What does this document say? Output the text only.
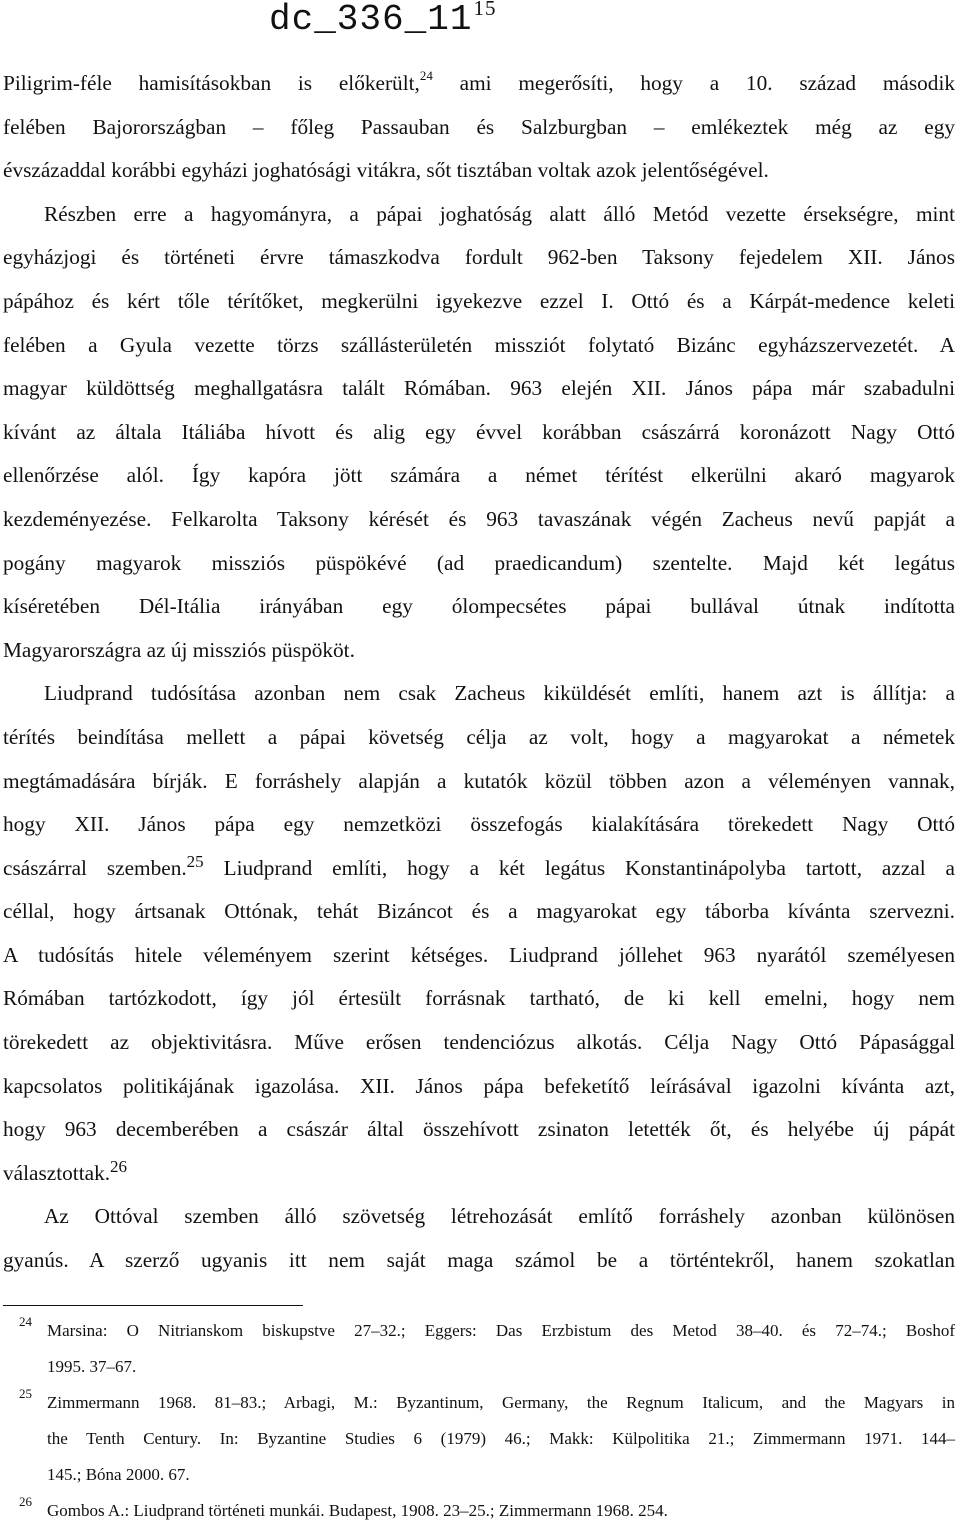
$dc\_336\_11^{15}$
Piligrim-féle hamisításokban is előkerült,$^{24}$ ami megerősíti, hogy a 10. század második
felében Bajorországban – főleg Passauban és Salzburgban – emlékeztek még az egy
évszázaddal korábbi egyházi joghatósági vitákra, sőt tisztában voltak azok jelentőségével.
Részben erre a hagyományra, a pápai joghatóság alatt álló Metód vezette érsekségre, mint
egyházjogi és történeti érvre támaszkodva fordult 962-ben Taksony fejedelem XII. János
pápához és kért tőle térítőket, megkerülni igyekezve ezzel I. Ottó és a Kárpát-medence keleti
felében a Gyula vezette törzs szállásterületén missziót folytató Bizánc egyházszervezetét. A
magyar küldöttség meghallgatásra talált Rómában. 963 elején XII. János pápa már szabadulni
kívánt az általa Itáliába hívott és alig egy évvel korábban császárrá koronázott Nagy Ottó
ellenőrzése alól. Így kapóra jött számára a német térítést elkerülni akaró magyarok
kezdeményezése. Felkarolta Taksony kérését és 963 tavaszának végén Zacheus nevű papját a
pogány magyarok missziós püspökévé (ad praedicandum) szentelte. Majd két legátus
kíséretében Dél-Itália irányában egy ólompecsétes pápai bullával útnak indította
Magyarországra az új missziós püspököt.
Liudprand tudósítása azonban nem csak Zacheus kiküldését említi, hanem azt is állítja: a
térítés beindítása mellett a pápai követség célja az volt, hogy a magyarokat a németek
megtámadására bírják. E forráshely alapján a kutatók közül többen azon a véleményen vannak,
hogy XII. János pápa egy nemzetközi összefogás kialakítására törekedett Nagy Ottó
császárral szemben.$^{25}$ Liudprand említi, hogy a két legátus Konstantinápolyba tartott, azzal a
céllal, hogy ártsanak Ottónak, tehát Bizáncot és a magyarokat egy táborba kívánta szervezni.
A tudósítás hitele véleményem szerint kétséges. Liudprand jóllehet 963 nyarától személyesen
Rómában tartózkodott, így jól értesült forrásnak tartható, de ki kell emelni, hogy nem
törekedett az objektivitásra. Műve erősen tendenciózus alkotás. Célja Nagy Ottó Pápasággal
kapcsolatos politikájának igazolása. XII. János pápa befeketítő leírásával igazolni kívánta azt,
hogy 963 decemberében a császár által összehívott zsinaton letették őt, és helyébe új pápát
választottak.$^{26}$
Az Ottóval szemben álló szövetség létrehozását említő forráshely azonban különösen
gyanús. A szerző ugyanis itt nem saját maga számol be a történtekről, hanem szokatlan
24 Marsina: O Nitrianskom biskupstve 27–32.; Eggers: Das Erzbistum des Metod 38–40. és 72–74.; Boshof
1995. 37–67.
25 Zimmermann 1968. 81–83.; Arbagi, M.: Byzantinum, Germany, the Regnum Italicum, and the Magyars in
the Tenth Century. In: Byzantine Studies 6 (1979) 46.; Makk: Külpolitika 21.; Zimmermann 1971. 144–
145.; Bóna 2000. 67.
26 Gombos A.: Liudprand történeti munkái. Budapest, 1908. 23–25.; Zimmermann 1968. 254.
